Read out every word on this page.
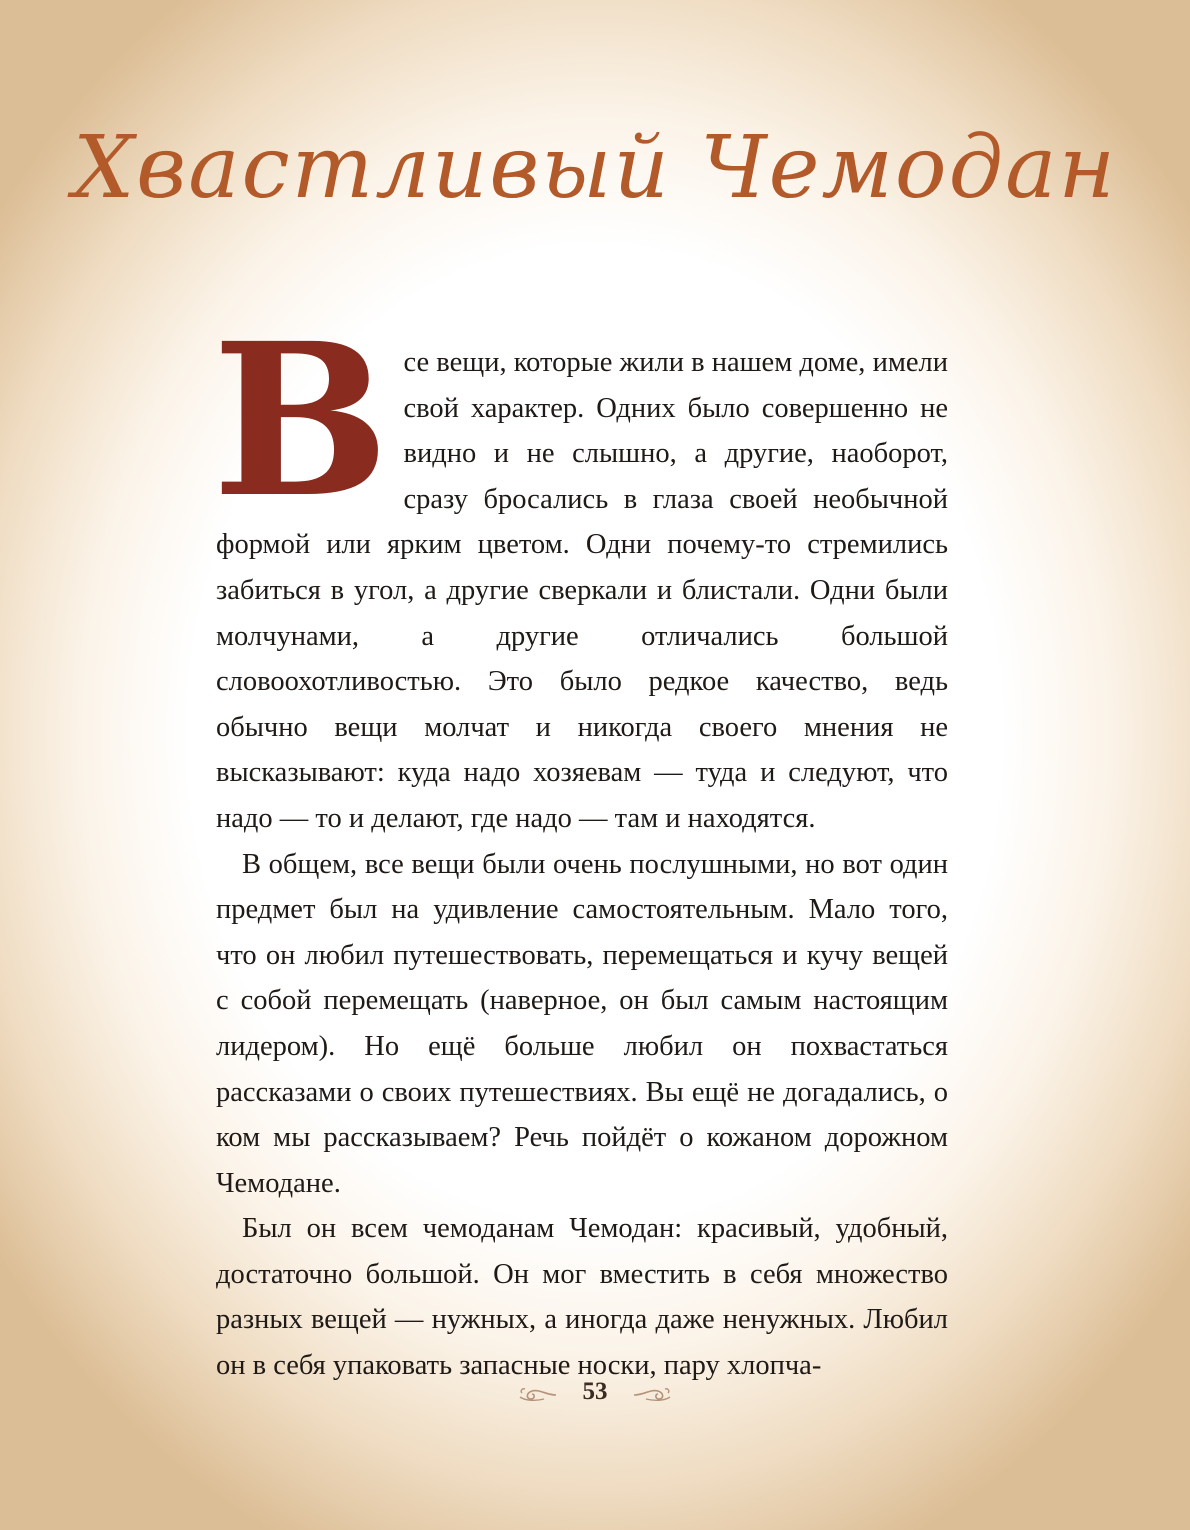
Хвастливый Чемодан

Все вещи, которые жили в нашем доме, имели свой характер. Одних было совершенно не видно и не слышно, а другие, наоборот, сразу бросались в глаза своей необычной формой или ярким цветом. Одни почему-то стремились забиться в угол, а другие сверкали и блистали. Одни были молчунами, а другие отличались большой словоохотливостью. Это было редкое качество, ведь обычно вещи молчат и никогда своего мнения не высказывают: куда надо хозяевам — туда и следуют, что надо — то и делают, где надо — там и находятся.

В общем, все вещи были очень послушными, но вот один предмет был на удивление самостоятельным. Мало того, что он любил путешествовать, перемещаться и кучу вещей с собой перемещать (наверное, он был самым настоящим лидером). Но ещё больше любил он похвастаться рассказами о своих путешествиях. Вы ещё не догадались, о ком мы рассказываем? Речь пойдёт о кожаном дорожном Чемодане.

Был он всем чемоданам Чемодан: красивый, удобный, достаточно большой. Он мог вместить в себя множество разных вещей — нужных, а иногда даже ненужных. Любил он в себя упаковать запасные носки, пару хлопча-

53
